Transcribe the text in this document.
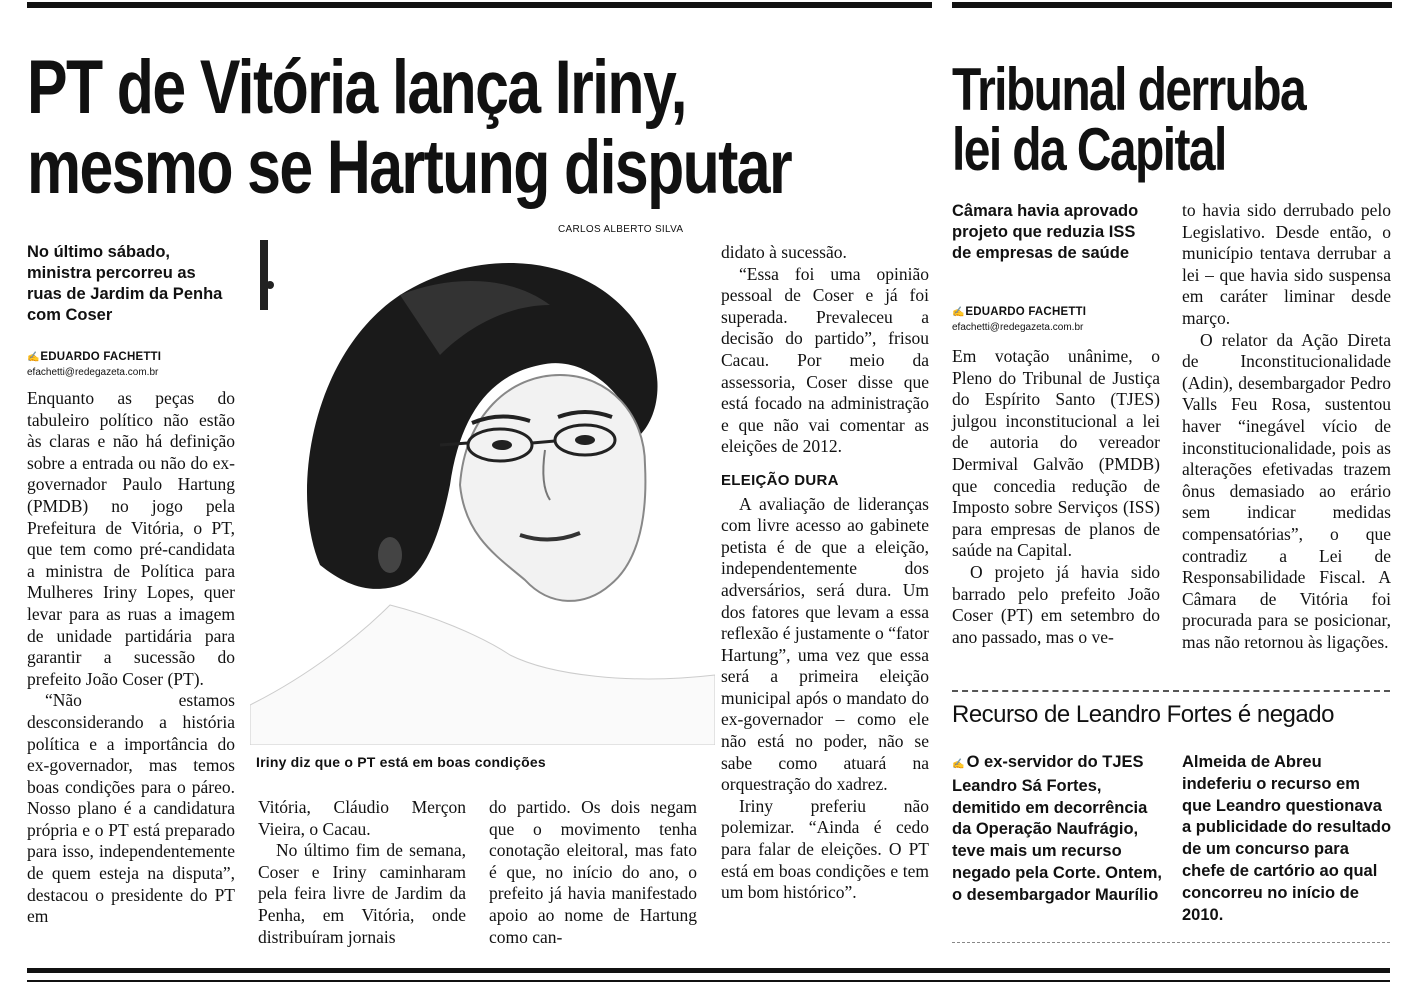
PT de Vitória lança Iriny,
mesmo se Hartung disputar
CARLOS ALBERTO SILVA
No último sábado, ministra percorreu as ruas de Jardim da Penha com Coser
✍ EDUARDO FACHETTI
efachetti@redegazeta.com.br
Iriny diz que o PT está em boas condições

Enquanto as peças do tabuleiro político não estão às claras e não há definição sobre a entrada ou não do ex-governador Paulo Hartung (PMDB) no jogo pela Prefeitura de Vitória, o PT, que tem como pré-candidata a ministra de Política para Mulheres Iriny Lopes, quer levar para as ruas a imagem de unidade partidária para garantir a sucessão do prefeito João Coser (PT).

“Não estamos desconsiderando a história política e a importância do ex-governador, mas temos boas condições para o páreo. Nosso plano é a candidatura própria e o PT está preparado para isso, independentemente de quem esteja na disputa”, destacou o presidente do PT em

Vitória, Cláudio Merçon Vieira, o Cacau.

No último fim de semana, Coser e Iriny caminharam pela feira livre de Jardim da Penha, em Vitória, onde distribuíram jornais

do partido. Os dois negam que o movimento tenha conotação eleitoral, mas fato é que, no início do ano, o prefeito já havia manifestado apoio ao nome de Hartung como can-

didato à sucessão.

“Essa foi uma opinião pessoal de Coser e já foi superada. Prevaleceu a decisão do partido”, frisou Cacau. Por meio da assessoria, Coser disse que está focado na administração e que não vai comentar as eleições de 2012.

ELEIÇÃO DURA

A avaliação de lideranças com livre acesso ao gabinete petista é de que a eleição, independentemente dos adversários, será dura. Um dos fatores que levam a essa reflexão é justamente o “fator Hartung”, uma vez que essa será a primeira eleição municipal após o mandato do ex-governador – como ele não está no poder, não se sabe como atuará na orquestração do xadrez.

Iriny preferiu não polemizar. “Ainda é cedo para falar de eleições. O PT está em boas condições e tem um bom histórico”.

Tribunal derruba
lei da Capital
Câmara havia aprovado projeto que reduzia ISS de empresas de saúde
✍ EDUARDO FACHETTI
efachetti@redegazeta.com.br

Em votação unânime, o Pleno do Tribunal de Justiça do Espírito Santo (TJES) julgou inconstitucional a lei de autoria do vereador Dermival Galvão (PMDB) que concedia redução de Imposto sobre Serviços (ISS) para empresas de planos de saúde na Capital.

O projeto já havia sido barrado pelo prefeito João Coser (PT) em setembro do ano passado, mas o ve-

to havia sido derrubado pelo Legislativo. Desde então, o município tentava derrubar a lei – que havia sido suspensa em caráter liminar desde março.

O relator da Ação Direta de Inconstitucionalidade (Adin), desembargador Pedro Valls Feu Rosa, sustentou haver “inegável vício de inconstitucionalidade, pois as alterações efetivadas trazem ônus demasiado ao erário sem indicar medidas compensatórias”, o que contradiz a Lei de Responsabilidade Fiscal. A Câmara de Vitória foi procurada para se posicionar, mas não retornou às ligações.

Recurso de Leandro Fortes é negado

✍ O ex-servidor do TJES Leandro Sá Fortes, demitido em decorrência da Operação Naufrágio, teve mais um recurso negado pela Corte. Ontem, o desembargador Maurílio

Almeida de Abreu indeferiu o recurso em que Leandro questionava a publicidade do resultado de um concurso para chefe de cartório ao qual concorreu no início de 2010.
